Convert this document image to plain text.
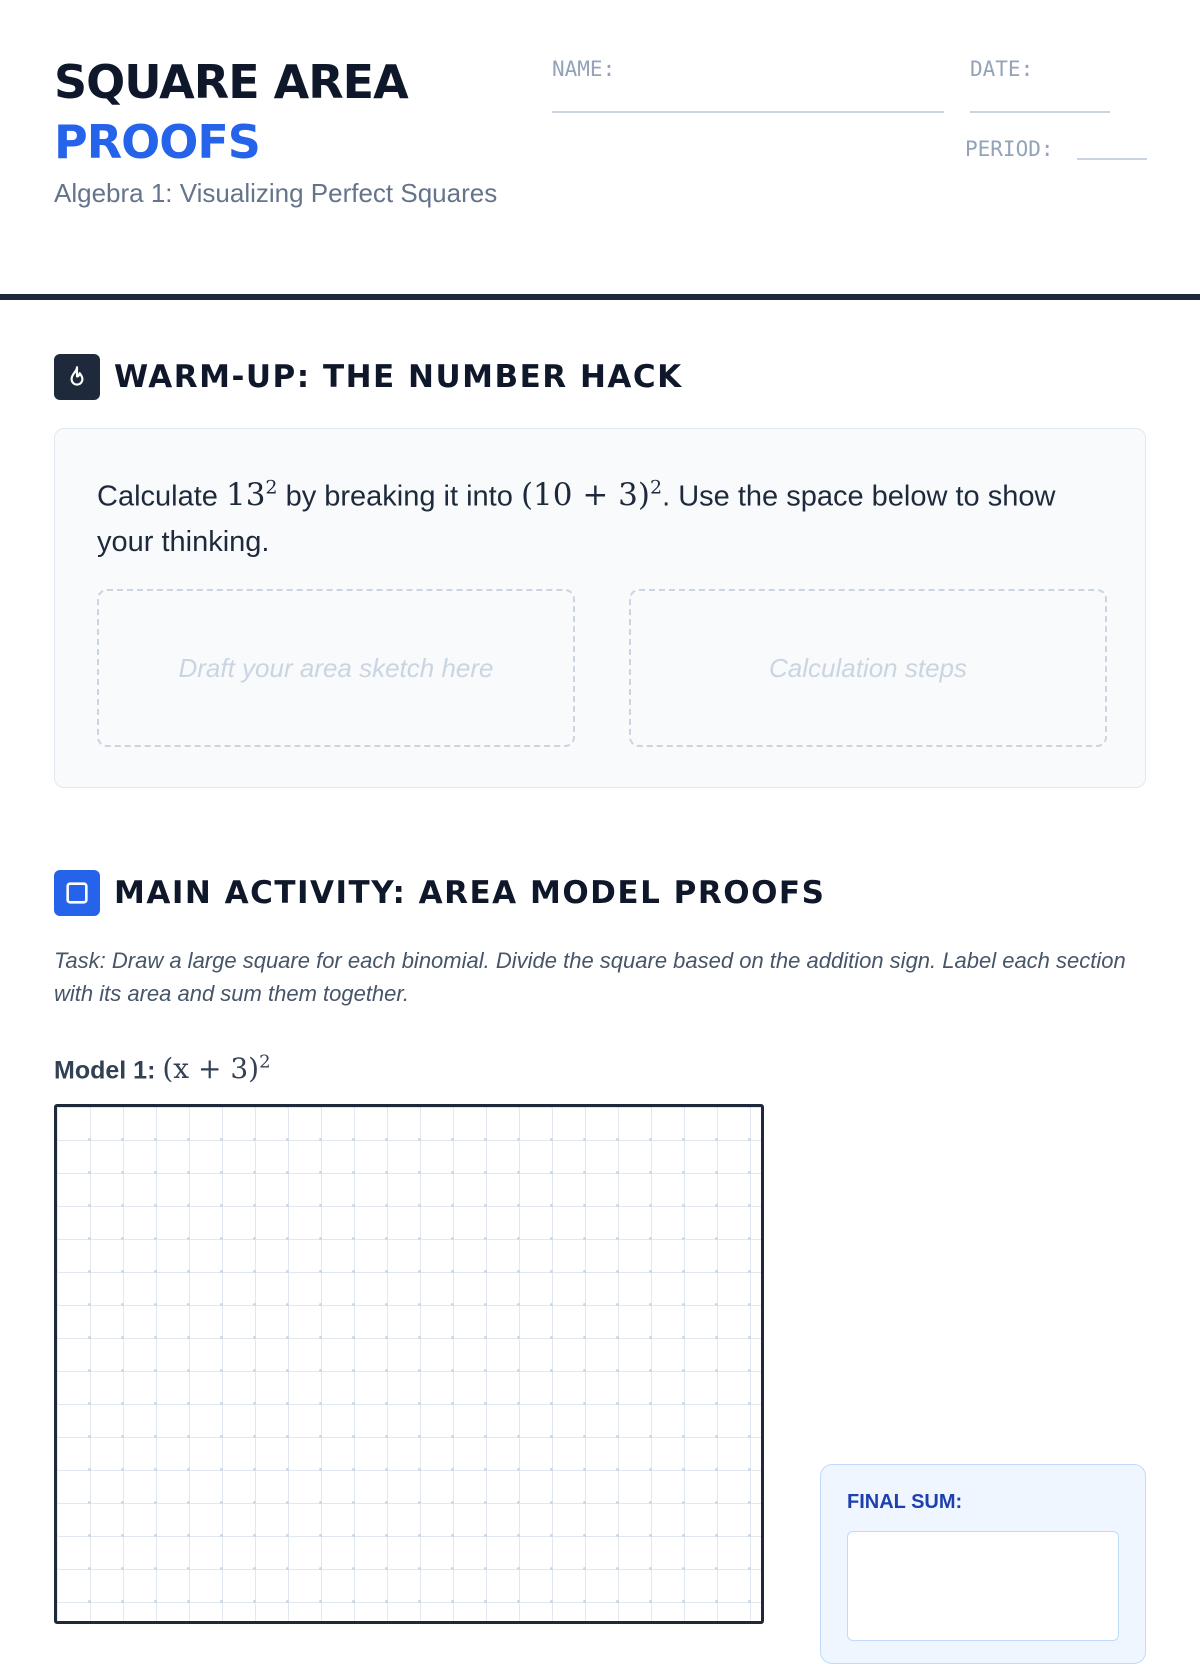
SQUARE AREA
PROOFS

Algebra 1: Visualizing Perfect Squares

NAME:	DATE:
PERIOD:
WARM-UP: THE NUMBER HACK

Calculate $13^2$ by breaking it into $(10 + 3)^2$. Use the space below to show your thinking.

Draft your area sketch here	Calculation steps
MAIN ACTIVITY: AREA MODEL PROOFS

Task: Draw a large square for each binomial. Divide the square based on the addition sign. Label each section with its area and sum them together.

Model 1: $(x + 3)^2$
FINAL SUM:
